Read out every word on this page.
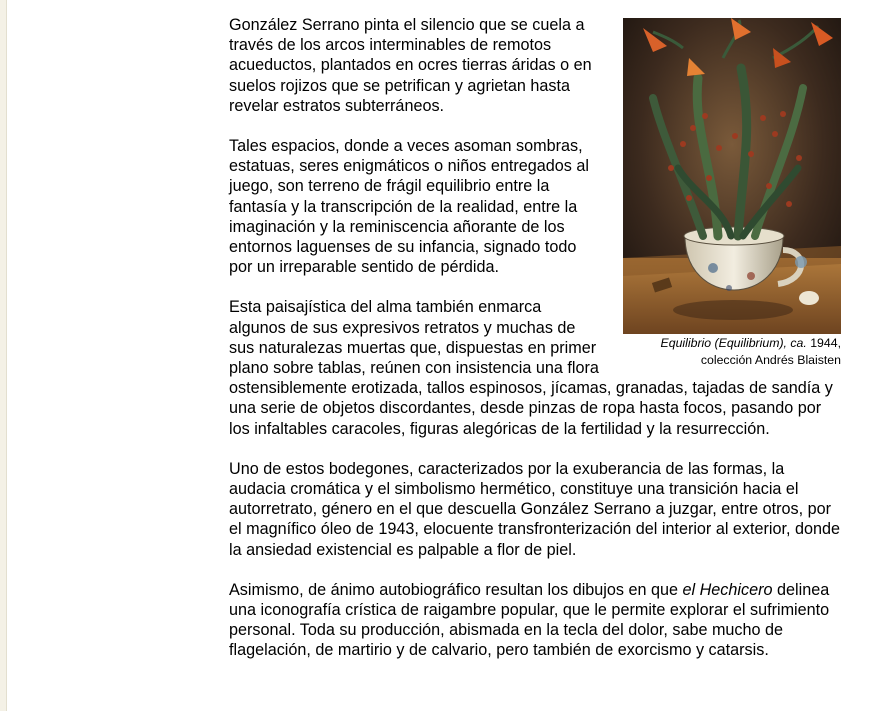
Equilibrio (Equilibrium), ca. 1944,
colección Andrés Blaisten

González Serrano pinta el silencio que se cuela a través de los arcos interminables de remotos acueductos, plantados en ocres tierras áridas o en suelos rojizos que se petrifican y agrietan hasta revelar estratos subterráneos.

Tales espacios, donde a veces asoman sombras, estatuas, seres enigmáticos o niños entregados al juego, son terreno de frágil equilibrio entre la fantasía y la transcripción de la realidad, entre la imaginación y la reminiscencia añorante de los entornos laguenses de su infancia, signado todo por un irreparable sentido de pérdida.

Esta paisajística del alma también enmarca algunos de sus expresivos retratos y muchas de sus naturalezas muertas que, dispuestas en primer plano sobre tablas, reúnen con insistencia una flora ostensiblemente erotizada, tallos espinosos, jícamas, granadas, tajadas de sandía y una serie de objetos discordantes, desde pinzas de ropa hasta focos, pasando por los infaltables caracoles, figuras alegóricas de la fertilidad y la resurrección.

Uno de estos bodegones, caracterizados por la exuberancia de las formas, la audacia cromática y el simbolismo hermético, constituye una transición hacia el autorretrato, género en el que descuella González Serrano a juzgar, entre otros, por el magnífico óleo de 1943, elocuente transfronterización del interior al exterior, donde la ansiedad existencial es palpable a flor de piel.

Asimismo, de ánimo autobiográfico resultan los dibujos en que el Hechicero delinea una iconografía crística de raigambre popular, que le permite explorar el sufrimiento personal. Toda su producción, abismada en la tecla del dolor, sabe mucho de flagelación, de martirio y de calvario, pero también de exorcismo y catarsis.
